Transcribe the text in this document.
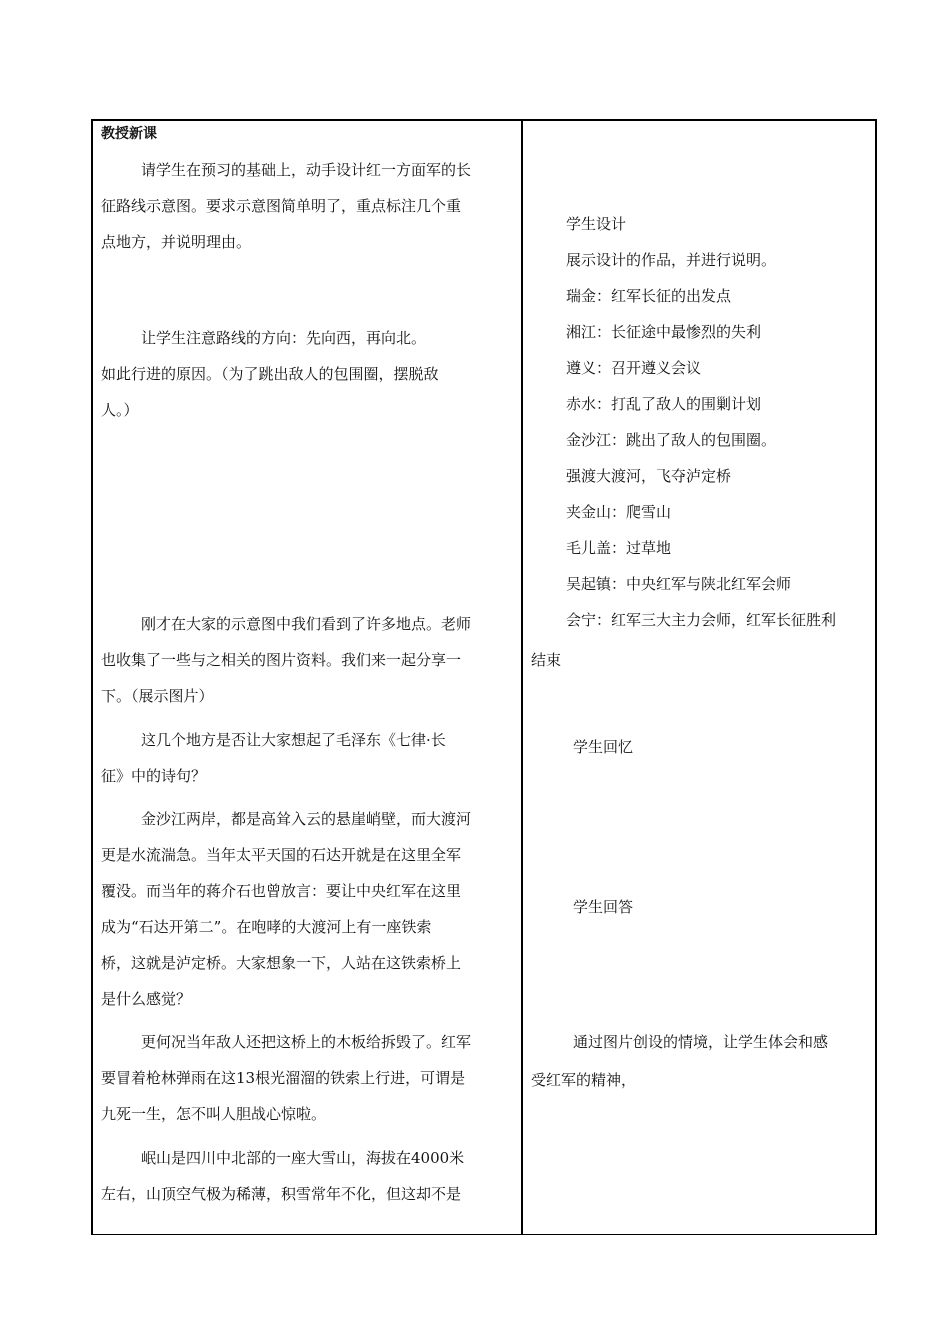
教授新课
请学生在预习的基础上，动手设计红一方面军的长
征路线示意图。要求示意图简单明了，重点标注几个重
点地方，并说明理由。
让学生注意路线的方向：先向西，再向北。
如此行进的原因。（为了跳出敌人的包围圈，摆脱敌
人。）
刚才在大家的示意图中我们看到了许多地点。老师
也收集了一些与之相关的图片资料。我们来一起分享一
下。（展示图片）
这几个地方是否让大家想起了毛泽东《七律·长
征》中的诗句？
金沙江两岸，都是高耸入云的悬崖峭壁，而大渡河
更是水流湍急。当年太平天国的石达开就是在这里全军
覆没。而当年的蒋介石也曾放言：要让中央红军在这里
成为“石达开第二”。在咆哮的大渡河上有一座铁索
桥，这就是泸定桥。大家想象一下，人站在这铁索桥上
是什么感觉？
更何况当年敌人还把这桥上的木板给拆毁了。红军
要冒着枪林弹雨在这13根光溜溜的铁索上行进，可谓是
九死一生，怎不叫人胆战心惊啦。
岷山是四川中北部的一座大雪山，海拔在4000米
左右，山顶空气极为稀薄，积雪常年不化，但这却不是
学生设计
展示设计的作品，并进行说明。
瑞金：红军长征的出发点
湘江：长征途中最惨烈的失利
遵义：召开遵义会议
赤水：打乱了敌人的围剿计划
金沙江：跳出了敌人的包围圈。
强渡大渡河，飞夺泸定桥
夹金山：爬雪山
毛儿盖：过草地
吴起镇：中央红军与陕北红军会师
会宁：红军三大主力会师，红军长征胜利
结束
学生回忆
学生回答
通过图片创设的情境，让学生体会和感
受红军的精神，
